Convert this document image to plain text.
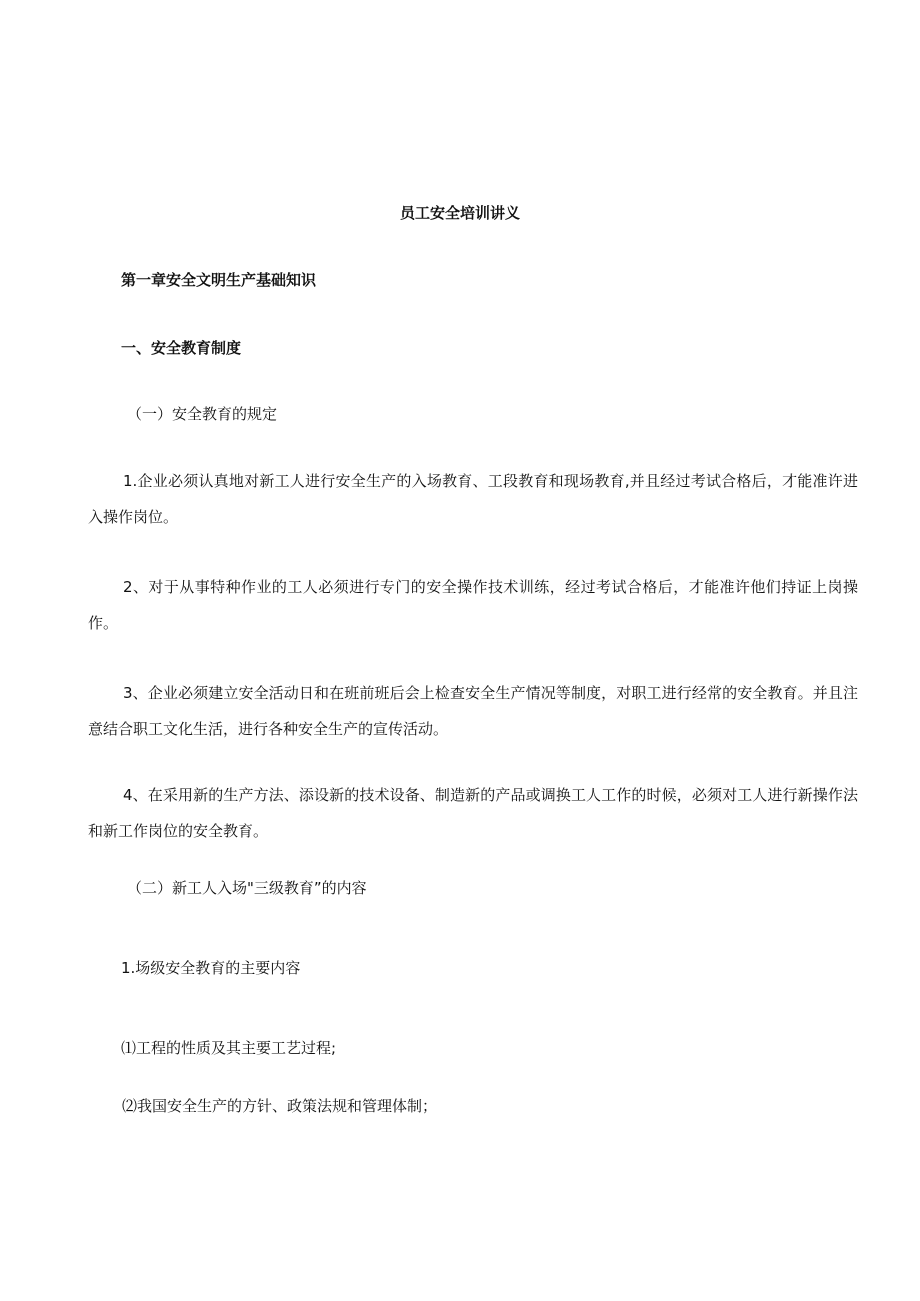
员工安全培训讲义
第一章安全文明生产基础知识
一、安全教育制度
（一）安全教育的规定
1.企业必须认真地对新工人进行安全生产的入场教育、工段教育和现场教育,并且经过考试合格后，才能准许进入操作岗位。
2、对于从事特种作业的工人必须进行专门的安全操作技术训练，经过考试合格后，才能准许他们持证上岗操作。
3、企业必须建立安全活动日和在班前班后会上检查安全生产情况等制度，对职工进行经常的安全教育。并且注意结合职工文化生活，进行各种安全生产的宣传活动。
4、在采用新的生产方法、添设新的技术设备、制造新的产品或调换工人工作的时候，必须对工人进行新操作法和新工作岗位的安全教育。
（二）新工人入场"三级教育”的内容
1.场级安全教育的主要内容
⑴工程的性质及其主要工艺过程;
⑵我国安全生产的方针、政策法规和管理体制；
